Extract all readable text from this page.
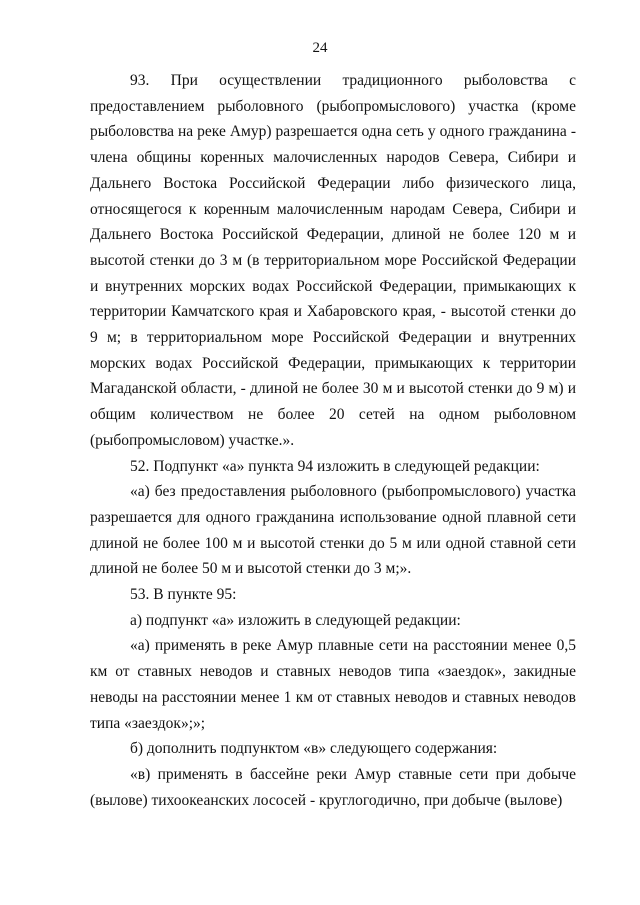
24

93. При осуществлении традиционного рыболовства с предоставлением рыболовного (рыбопромыслового) участка (кроме рыболовства на реке Амур) разрешается одна сеть у одного гражданина - члена общины коренных малочисленных народов Севера, Сибири и Дальнего Востока Российской Федерации либо физического лица, относящегося к коренным малочисленным народам Севера, Сибири и Дальнего Востока Российской Федерации, длиной не более 120 м и высотой стенки до 3 м (в территориальном море Российской Федерации и внутренних морских водах Российской Федерации, примыкающих к территории Камчатского края и Хабаровского края, - высотой стенки до 9 м; в территориальном море Российской Федерации и внутренних морских водах Российской Федерации, примыкающих к территории Магаданской области, - длиной не более 30 м и высотой стенки до 9 м) и общим количеством не более 20 сетей на одном рыболовном (рыбопромысловом) участке.».

52. Подпункт «а» пункта 94 изложить в следующей редакции:

«а) без предоставления рыболовного (рыбопромыслового) участка разрешается для одного гражданина использование одной плавной сети длиной не более 100 м и высотой стенки до 5 м или одной ставной сети длиной не более 50 м и высотой стенки до 3 м;».

53. В пункте 95:

а) подпункт «а» изложить в следующей редакции:

«а) применять в реке Амур плавные сети на расстоянии менее 0,5 км от ставных неводов и ставных неводов типа «заездок», закидные неводы на расстоянии менее 1 км от ставных неводов и ставных неводов типа «заездок»;»;

б) дополнить подпунктом «в» следующего содержания:

«в) применять в бассейне реки Амур ставные сети при добыче (вылове) тихоокеанских лососей - круглогодично, при добыче (вылове)
